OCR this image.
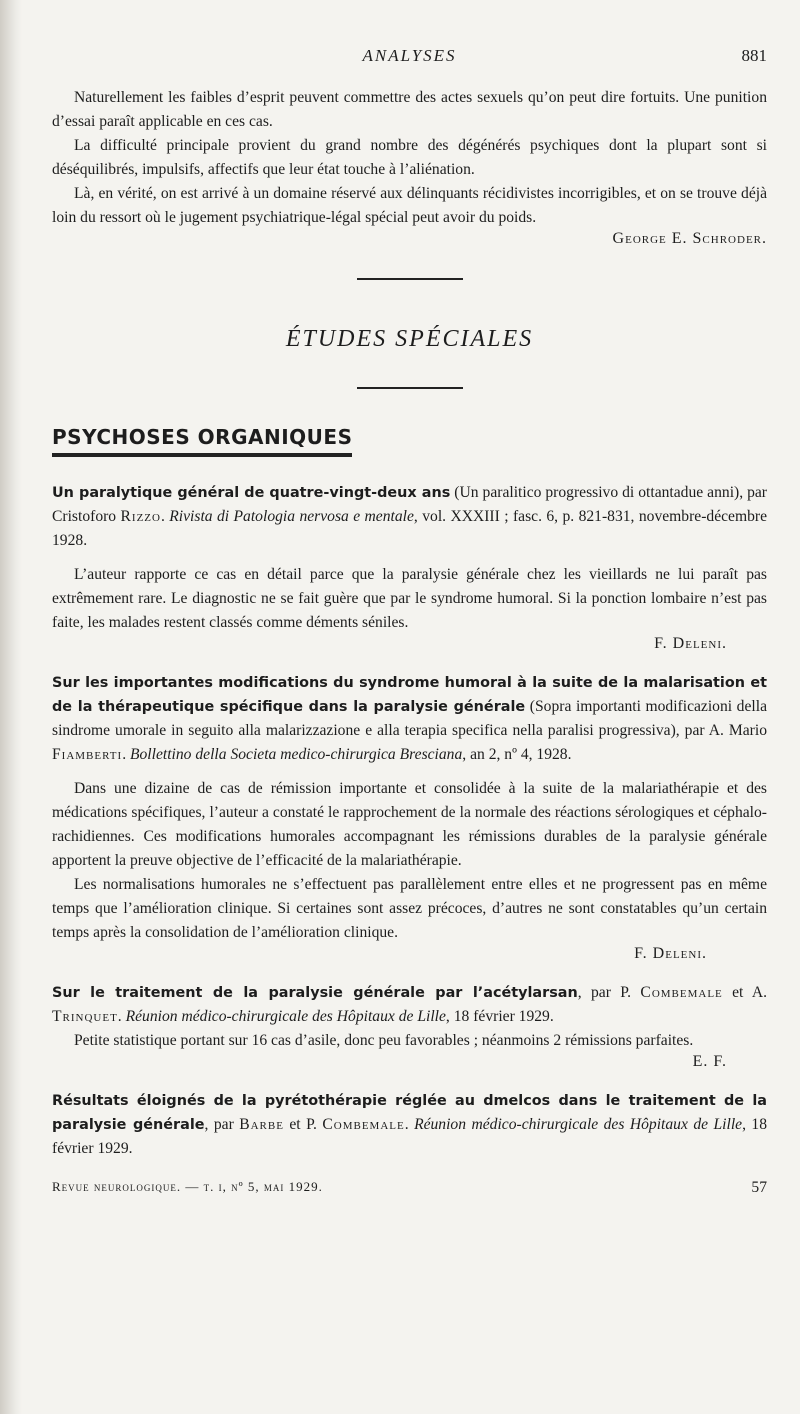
ANALYSES	881

Naturellement les faibles d’esprit peuvent commettre des actes sexuels qu’on peut dire fortuits. Une punition d’essai paraît applicable en ces cas.

La difficulté principale provient du grand nombre des dégénérés psychiques dont la plupart sont si déséquilibrés, impulsifs, affectifs que leur état touche à l’aliénation.

Là, en vérité, on est arrivé à un domaine réservé aux délinquants récidivistes incorrigibles, et on se trouve déjà loin du ressort où le jugement psychiatrique-légal spécial peut avoir du poids.

George E. Schroder.
ÉTUDES SPÉCIALES
PSYCHOSES ORGANIQUES

Un paralytique général de quatre-vingt-deux ans (Un paralitico progressivo di ottantadue anni), par Cristoforo Rizzo. Rivista di Patologia nervosa e mentale, vol. XXXIII ; fasc. 6, p. 821-831, novembre-décembre 1928.

L’auteur rapporte ce cas en détail parce que la paralysie générale chez les vieillards ne lui paraît pas extrêmement rare. Le diagnostic ne se fait guère que par le syndrome humoral. Si la ponction lombaire n’est pas faite, les malades restent classés comme déments séniles.

F. Deleni.

Sur les importantes modifications du syndrome humoral à la suite de la malarisation et de la thérapeutique spécifique dans la paralysie générale (Sopra importanti modificazioni della sindrome umorale in seguito alla malarizzazione e alla terapia specifica nella paralisi progressiva), par A. Mario Fiamberti. Bollettino della Societa medico-chirurgica Bresciana, an 2, nº 4, 1928.

Dans une dizaine de cas de rémission importante et consolidée à la suite de la malariathérapie et des médications spécifiques, l’auteur a constaté le rapprochement de la normale des réactions sérologiques et céphalo-rachidiennes. Ces modifications humorales accompagnant les rémissions durables de la paralysie générale apportent la preuve objective de l’efficacité de la malariathérapie.

Les normalisations humorales ne s’effectuent pas parallèlement entre elles et ne progressent pas en même temps que l’amélioration clinique. Si certaines sont assez précoces, d’autres ne sont constatables qu’un certain temps après la consolidation de l’amélioration clinique.

F. Deleni.

Sur le traitement de la paralysie générale par l’acétylarsan, par P. Combemale et A. Trinquet. Réunion médico-chirurgicale des Hôpitaux de Lille, 18 février 1929.

Petite statistique portant sur 16 cas d’asile, donc peu favorables ; néanmoins 2 rémissions parfaites.

E. F.

Résultats éloignés de la pyrétothérapie réglée au dmelcos dans le traitement de la paralysie générale, par Barbe et P. Combemale. Réunion médico-chirurgicale des Hôpitaux de Lille, 18 février 1929.

Revue neurologique. — t. i, nº 5, mai 1929.	57
